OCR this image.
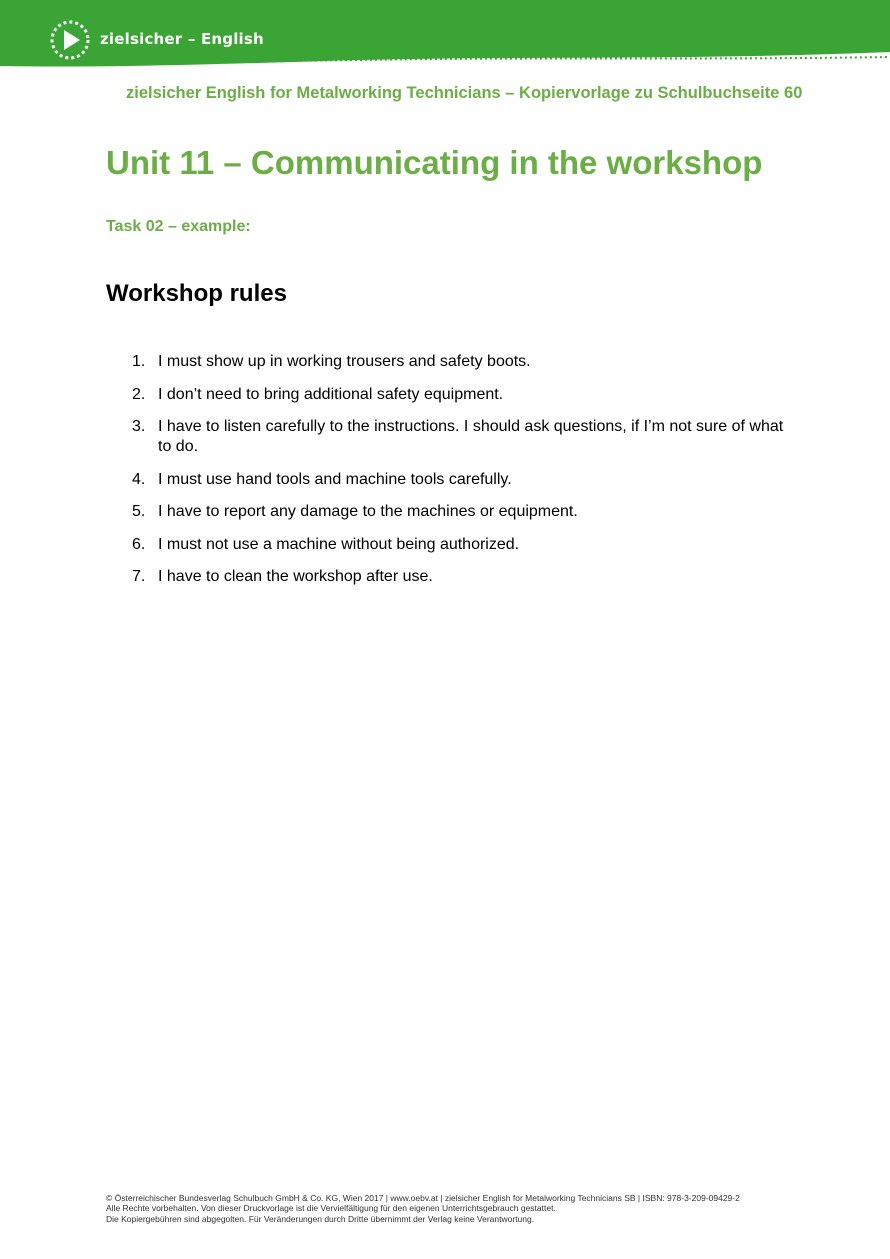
zielsicher – English
zielsicher English for Metalworking Technicians – Kopiervorlage zu Schulbuchseite 60
Unit 11 – Communicating in the workshop
Task 02 – example:
Workshop rules
1. I must show up in working trousers and safety boots.
2. I don’t need to bring additional safety equipment.
3. I have to listen carefully to the instructions. I should ask questions, if I’m not sure of what to do.
4. I must use hand tools and machine tools carefully.
5. I have to report any damage to the machines or equipment.
6. I must not use a machine without being authorized.
7. I have to clean the workshop after use.
© Österreichischer Bundesverlag Schulbuch GmbH & Co. KG, Wien 2017 | www.oebv.at | zielsicher English for Metalworking Technicians SB | ISBN: 978-3-209-09429-2
Alle Rechte vorbehalten. Von dieser Druckvorlage ist die Vervielfältigung für den eigenen Unterrichtsgebrauch gestattet.
Die Kopiergebühren sind abgegolten. Für Veränderungen durch Dritte übernimmt der Verlag keine Verantwortung.
